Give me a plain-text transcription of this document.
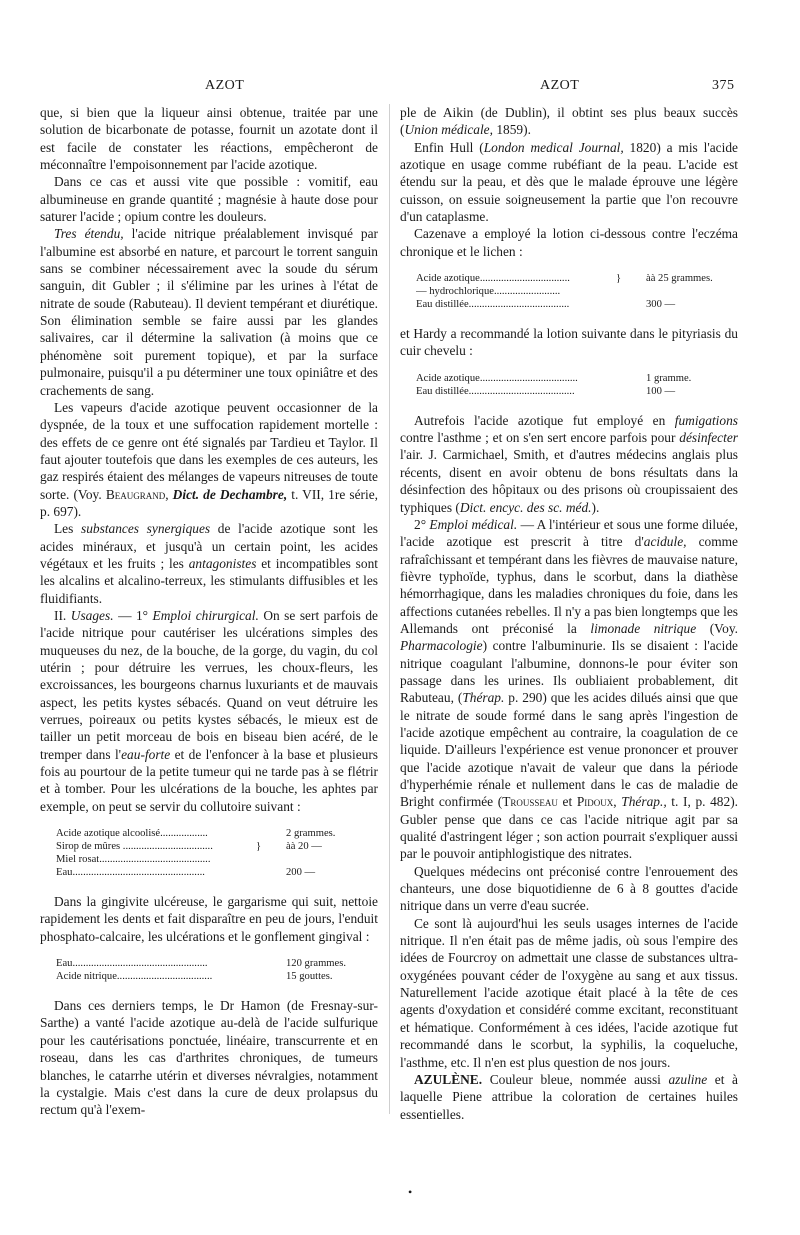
AZOT	AZOT	375

que, si bien que la liqueur ainsi obtenue, traitée par une solution de bicarbonate de potasse, fournit un azotate dont il est facile de constater les réactions, empêcheront de méconnaître l'empoisonnement par l'acide azotique.

Dans ce cas et aussi vite que possible : vomitif, eau albumineuse en grande quantité ; magnésie à haute dose pour saturer l'acide ; opium contre les douleurs.

Tres étendu, l'acide nitrique préalablement invisqué par l'albumine est absorbé en nature, et parcourt le torrent sanguin sans se combiner nécessairement avec la soude du sérum sanguin, dit Gubler ; il s'élimine par les urines à l'état de nitrate de soude (Rabuteau). Il devient tempérant et diurétique. Son élimination semble se faire aussi par les glandes salivaires, car il détermine la salivation (à moins que ce phénomène soit purement topique), et par la surface pulmonaire, puisqu'il a pu déterminer une toux opiniâtre et des crachements de sang.

Les vapeurs d'acide azotique peuvent occasionner de la dyspnée, de la toux et une suffocation rapidement mortelle : des effets de ce genre ont été signalés par Tardieu et Taylor. Il faut ajouter toutefois que dans les exemples de ces auteurs, les gaz respirés étaient des mélanges de vapeurs nitreuses de toute sorte. (Voy. Beaugrand, Dict. de Dechambre, t. VII, 1re série, p. 697).

Les substances synergiques de l'acide azotique sont les acides minéraux, et jusqu'à un certain point, les acides végétaux et les fruits ; les antagonistes et incompatibles sont les alcalins et alcalino-terreux, les stimulants diffusibles et les fluidifiants.

II. Usages. — 1° Emploi chirurgical. On se sert parfois de l'acide nitrique pour cautériser les ulcérations simples des muqueuses du nez, de la bouche, de la gorge, du vagin, du col utérin ; pour détruire les verrues, les choux-fleurs, les excroissances, les bourgeons charnus luxuriants et de mauvais aspect, les petits kystes sébacés. Quand on veut détruire les verrues, poireaux ou petits kystes sébacés, le mieux est de tailler un petit morceau de bois en biseau bien acéré, de le tremper dans l'eau-forte et de l'enfoncer à la base et plusieurs fois au pourtour de la petite tumeur qui ne tarde pas à se flétrir et à tomber. Pour les ulcérations de la bouche, les aphtes par exemple, on peut se servir du collutoire suivant :

Acide azotique alcoolisé..................	2 grammes.
Sirop de mûres ..................................	}	àà 20 —
Miel rosat..........................................
Eau..................................................	200 —

Dans la gingivite ulcéreuse, le gargarisme qui suit, nettoie rapidement les dents et fait disparaître en peu de jours, l'enduit phosphato-calcaire, les ulcérations et le gonflement gingival :

Eau...................................................	120 grammes.
Acide nitrique....................................	15 gouttes.

Dans ces derniers temps, le Dr Hamon (de Fresnay-sur-Sarthe) a vanté l'acide azotique au-delà de l'acide sulfurique pour les cautérisations ponctuée, linéaire, transcurrente et en roseau, dans les cas d'arthrites chroniques, de tumeurs blanches, le catarrhe utérin et diverses névralgies, notamment la cystalgie. Mais c'est dans la cure de deux prolapsus du rectum qu'à l'exem-

ple de Aikin (de Dublin), il obtint ses plus beaux succès (Union médicale, 1859).

Enfin Hull (London medical Journal, 1820) a mis l'acide azotique en usage comme rubéfiant de la peau. L'acide est étendu sur la peau, et dès que le malade éprouve une légère cuisson, on essuie soigneusement la partie que l'on recouvre d'un cataplasme.

Cazenave a employé la lotion ci-dessous contre l'eczéma chronique et le lichen :

Acide azotique..................................	}	àà 25 grammes.
— hydrochlorique.........................
Eau distillée......................................	300 —

et Hardy a recommandé la lotion suivante dans le pityriasis du cuir chevelu :

Acide azotique.....................................	1 gramme.
Eau distillée........................................	100 —

Autrefois l'acide azotique fut employé en fumigations contre l'asthme ; et on s'en sert encore parfois pour désinfecter l'air. J. Carmichael, Smith, et d'autres médecins anglais plus récents, disent en avoir obtenu de bons résultats dans la désinfection des hôpitaux ou des prisons où croupissaient des typhiques (Dict. encyc. des sc. méd.).

2° Emploi médical. — A l'intérieur et sous une forme diluée, l'acide azotique est prescrit à titre d'acidule, comme rafraîchissant et tempérant dans les fièvres de mauvaise nature, fièvre typhoïde, typhus, dans le scorbut, dans la diathèse hémorrhagique, dans les maladies chroniques du foie, dans les affections cutanées rebelles. Il n'y a pas bien longtemps que les Allemands ont préconisé la limonade nitrique (Voy. Pharmacologie) contre l'albuminurie. Ils se disaient : l'acide nitrique coagulant l'albumine, donnons-le pour éviter son passage dans les urines. Ils oubliaient probablement, dit Rabuteau, (Thérap. p. 290) que les acides dilués ainsi que que le nitrate de soude formé dans le sang après l'ingestion de l'acide azotique empêchent au contraire, la coagulation de ce liquide. D'ailleurs l'expérience est venue prononcer et prouver que l'acide azotique n'avait de valeur que dans la période d'hyperhémie rénale et nullement dans le cas de maladie de Bright confirmée (Trousseau et Pidoux, Thérap., t. I, p. 482). Gubler pense que dans ce cas l'acide nitrique agit par sa qualité d'astringent léger ; son action pourrait s'expliquer aussi par le pouvoir antiphlogistique des nitrates.

Quelques médecins ont préconisé contre l'enrouement des chanteurs, une dose biquotidienne de 6 à 8 gouttes d'acide nitrique dans un verre d'eau sucrée.

Ce sont là aujourd'hui les seuls usages internes de l'acide nitrique. Il n'en était pas de même jadis, où sous l'empire des idées de Fourcroy on admettait une classe de substances ultra-oxygénées pouvant céder de l'oxygène au sang et aux tissus. Naturellement l'acide azotique était placé à la tête de ces agents d'oxydation et considéré comme excitant, reconstituant et hématique. Conformément à ces idées, l'acide azotique fut recommandé dans le scorbut, la syphilis, la coqueluche, l'asthme, etc. Il n'en est plus question de nos jours.

AZULÈNE. Couleur bleue, nommée aussi azuline et à laquelle Piene attribue la coloration de certaines huiles essentielles.

•
